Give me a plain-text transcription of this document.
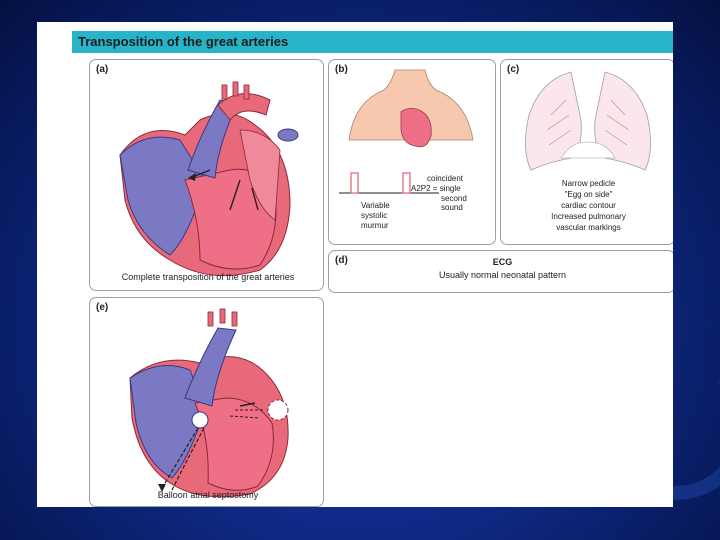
Transposition of the great arteries
(a)
Complete transposition of the great arteries
(b)
coincident
A2P2 = single
second
sound
Variable
systolic
murmur
(c)
Narrow pedicle
"Egg on side"
cardiac contour
Increased pulmonary
vascular markings
(d)	ECG
Usually normal neonatal pattern
(e)
Balloon atrial septostomy
